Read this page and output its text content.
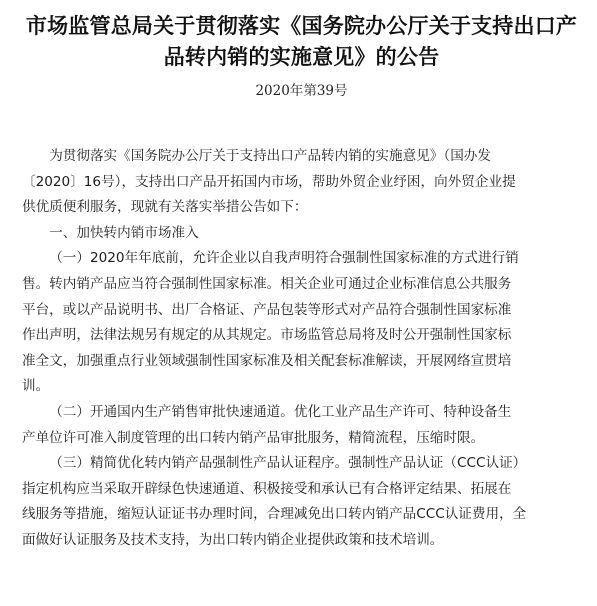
市场监管总局关于贯彻落实《国务院办公厅关于支持出口产
品转内销的实施意见》的公告

2020年第39号

为贯彻落实《国务院办公厅关于支持出口产品转内销的实施意见》（国办发
〔2020〕16号），支持出口产品开拓国内市场，帮助外贸企业纾困，向外贸企业提
供优质便利服务，现就有关落实举措公告如下：

一、加快转内销市场准入

（一）2020年年底前，允许企业以自我声明符合强制性国家标准的方式进行销
售。转内销产品应当符合强制性国家标准。相关企业可通过企业标准信息公共服务
平台，或以产品说明书、出厂合格证、产品包装等形式对产品符合强制性国家标准
作出声明，法律法规另有规定的从其规定。市场监管总局将及时公开强制性国家标
准全文，加强重点行业领域强制性国家标准及相关配套标准解读，开展网络宣贯培
训。

（二）开通国内生产销售审批快速通道。优化工业产品生产许可、特种设备生
产单位许可准入制度管理的出口转内销产品审批服务，精简流程，压缩时限。

（三）精简优化转内销产品强制性产品认证程序。强制性产品认证（CCC认证）
指定机构应当采取开辟绿色快速通道、积极接受和承认已有合格评定结果、拓展在
线服务等措施，缩短认证证书办理时间，合理减免出口转内销产品CCC认证费用，全
面做好认证服务及技术支持，为出口转内销企业提供政策和技术培训。
